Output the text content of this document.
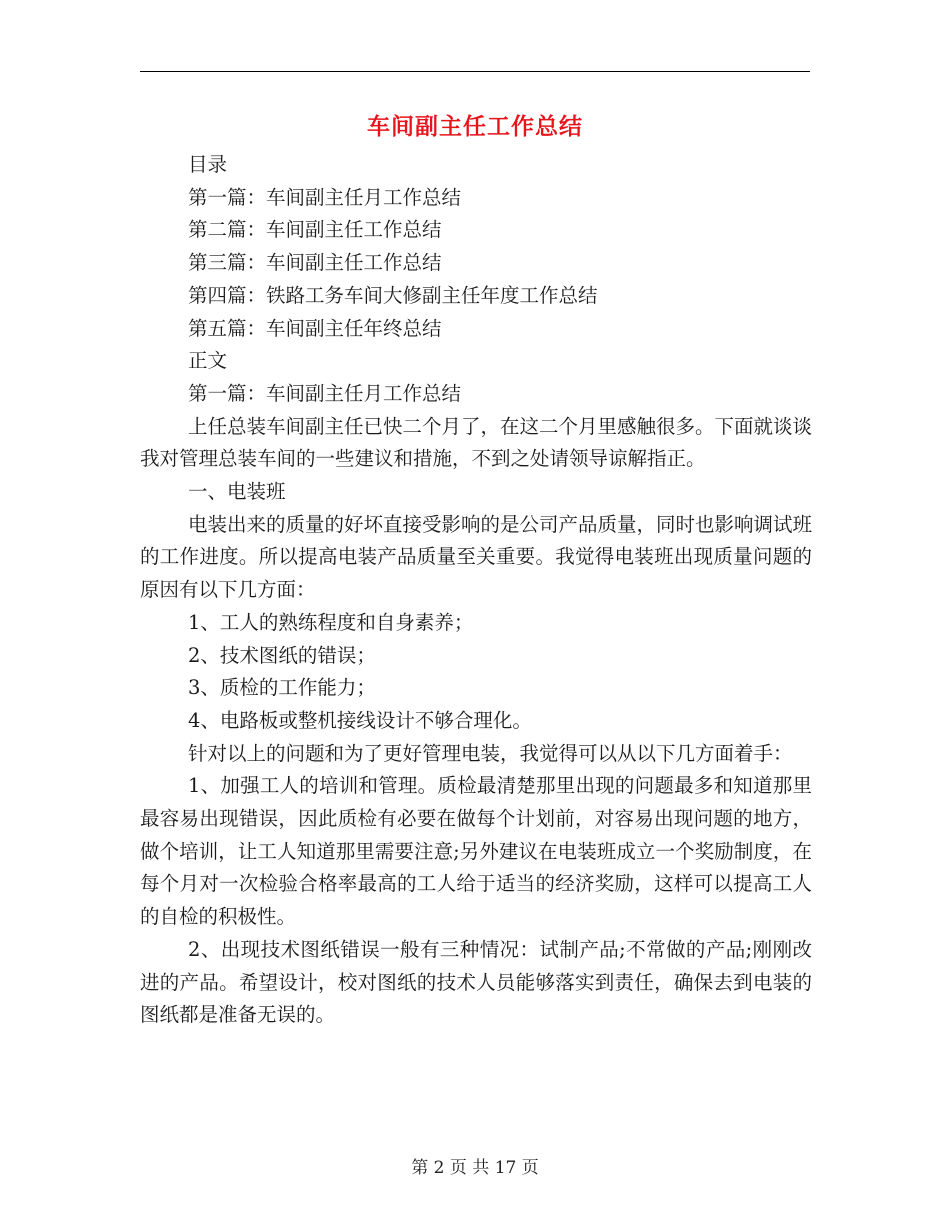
车间副主任工作总结

目录

第一篇：车间副主任月工作总结

第二篇：车间副主任工作总结

第三篇：车间副主任工作总结

第四篇：铁路工务车间大修副主任年度工作总结

第五篇：车间副主任年终总结

正文

第一篇：车间副主任月工作总结

上任总装车间副主任已快二个月了，在这二个月里感触很多。下面就谈谈我对管理总装车间的一些建议和措施，不到之处请领导谅解指正。

一、电装班

电装出来的质量的好坏直接受影响的是公司产品质量，同时也影响调试班的工作进度。所以提高电装产品质量至关重要。我觉得电装班出现质量问题的原因有以下几方面：

1、工人的熟练程度和自身素养；

2、技术图纸的错误；

3、质检的工作能力；

4、电路板或整机接线设计不够合理化。

针对以上的问题和为了更好管理电装，我觉得可以从以下几方面着手：

1、加强工人的培训和管理。质检最清楚那里出现的问题最多和知道那里最容易出现错误，因此质检有必要在做每个计划前，对容易出现问题的地方，做个培训，让工人知道那里需要注意;另外建议在电装班成立一个奖励制度，在每个月对一次检验合格率最高的工人给于适当的经济奖励，这样可以提高工人的自检的积极性。

2、出现技术图纸错误一般有三种情况：试制产品;不常做的产品;刚刚改进的产品。希望设计，校对图纸的技术人员能够落实到责任，确保去到电装的图纸都是准备无误的。

第 2 页 共 17 页
